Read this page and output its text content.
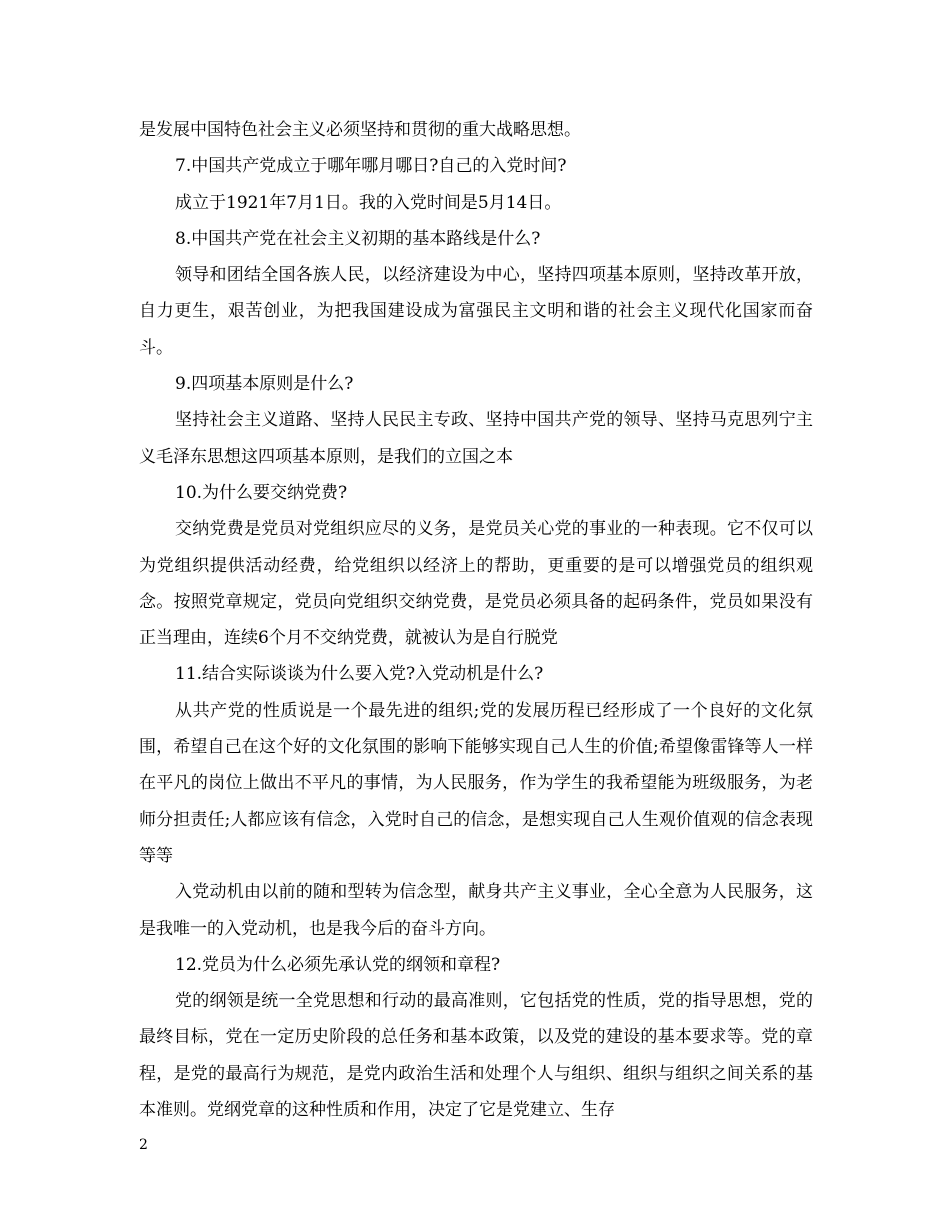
是发展中国特色社会主义必须坚持和贯彻的重大战略思想。

7.中国共产党成立于哪年哪月哪日?自己的入党时间?

成立于1921年7月1日。我的入党时间是5月14日。

8.中国共产党在社会主义初期的基本路线是什么?

领导和团结全国各族人民，以经济建设为中心，坚持四项基本原则，坚持改革开放，自力更生，艰苦创业，为把我国建设成为富强民主文明和谐的社会主义现代化国家而奋斗。

9.四项基本原则是什么?

坚持社会主义道路、坚持人民民主专政、坚持中国共产党的领导、坚持马克思列宁主义毛泽东思想这四项基本原则，是我们的立国之本

10.为什么要交纳党费?

交纳党费是党员对党组织应尽的义务，是党员关心党的事业的一种表现。它不仅可以为党组织提供活动经费，给党组织以经济上的帮助，更重要的是可以增强党员的组织观念。按照党章规定，党员向党组织交纳党费，是党员必须具备的起码条件，党员如果没有正当理由，连续6个月不交纳党费，就被认为是自行脱党

11.结合实际谈谈为什么要入党?入党动机是什么?

从共产党的性质说是一个最先进的组织;党的发展历程已经形成了一个良好的文化氛围，希望自己在这个好的文化氛围的影响下能够实现自己人生的价值;希望像雷锋等人一样在平凡的岗位上做出不平凡的事情，为人民服务，作为学生的我希望能为班级服务，为老师分担责任;人都应该有信念，入党时自己的信念，是想实现自己人生观价值观的信念表现等等

入党动机由以前的随和型转为信念型，献身共产主义事业，全心全意为人民服务，这是我唯一的入党动机，也是我今后的奋斗方向。

12.党员为什么必须先承认党的纲领和章程?

党的纲领是统一全党思想和行动的最高准则，它包括党的性质，党的指导思想，党的最终目标，党在一定历史阶段的总任务和基本政策，以及党的建设的基本要求等。党的章程，是党的最高行为规范，是党内政治生活和处理个人与组织、组织与组织之间关系的基本准则。党纲党章的这种性质和作用，决定了它是党建立、生存

2
